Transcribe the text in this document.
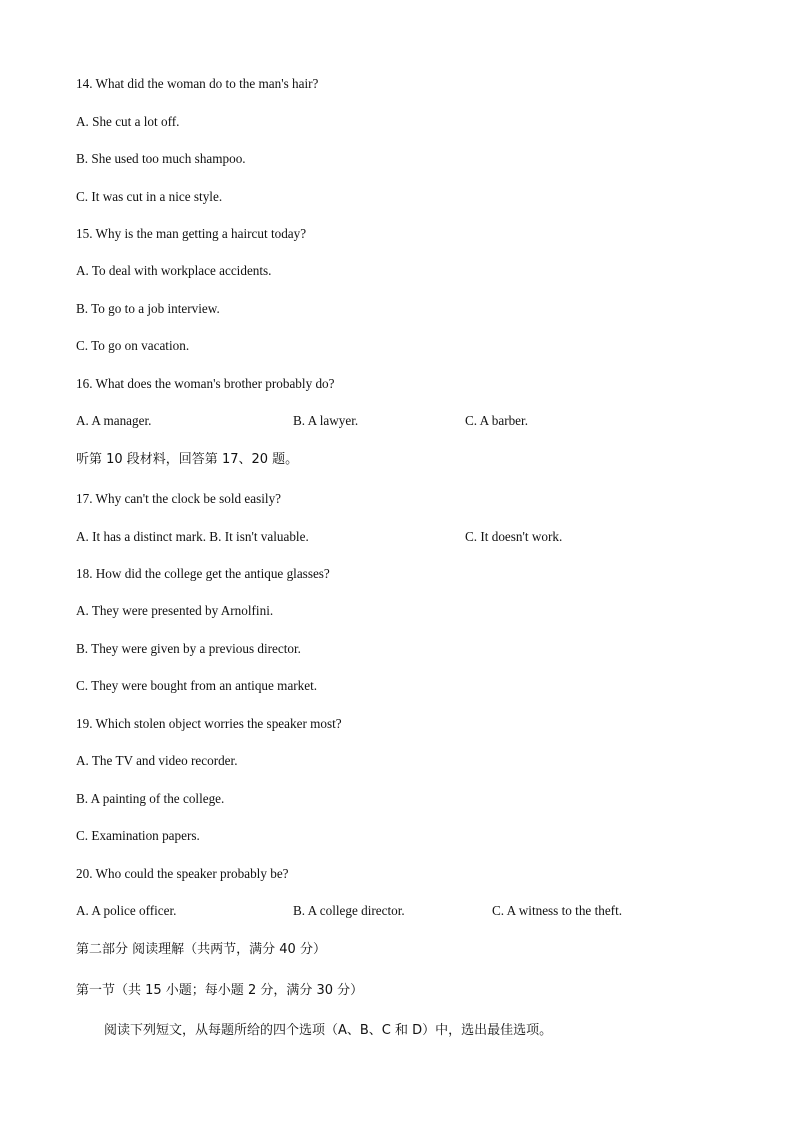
14. What did the woman do to the man's hair?

A. She cut a lot off.

B. She used too much shampoo.

C. It was cut in a nice style.

15. Why is the man getting a haircut today?

A. To deal with workplace accidents.

B. To go to a job interview.

C. To go on vacation.

16. What does the woman's brother probably do?

A. A manager.	B. A lawyer.	C. A barber.

听第 10 段材料，回答第 17、20 题。

17. Why can't the clock be sold easily?

A. It has a distinct mark. B. It isn't valuable.	C. It doesn't work.

18. How did the college get the antique glasses?

A. They were presented by Arnolfini.

B. They were given by a previous director.

C. They were bought from an antique market.

19. Which stolen object worries the speaker most?

A. The TV and video recorder.

B. A painting of the college.

C. Examination papers.

20. Who could the speaker probably be?

A. A police officer.	B. A college director.	C. A witness to the theft.

第二部分 阅读理解（共两节，满分 40 分）

第一节（共 15 小题；每小题 2 分，满分 30 分）

阅读下列短文，从每题所给的四个选项（A、B、C 和 D）中，选出最佳选项。
